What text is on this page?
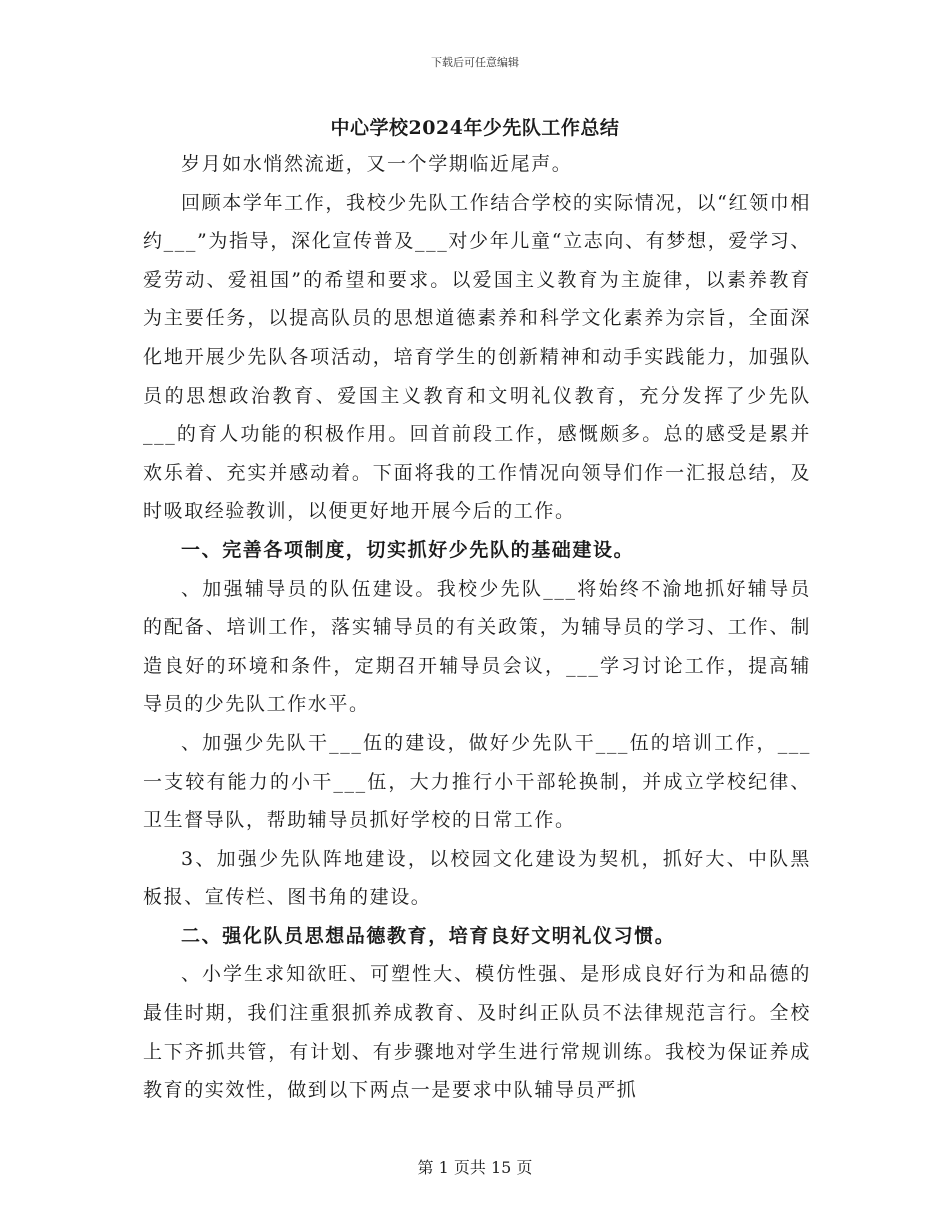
下载后可任意编辑
中心学校2024年少先队工作总结

岁月如水悄然流逝，又一个学期临近尾声。

回顾本学年工作，我校少先队工作结合学校的实际情况，以“红领巾相约___”为指导，深化宣传普及___对少年儿童“立志向、有梦想，爱学习、爱劳动、爱祖国”的希望和要求。以爱国主义教育为主旋律，以素养教育为主要任务，以提高队员的思想道德素养和科学文化素养为宗旨，全面深化地开展少先队各项活动，培育学生的创新精神和动手实践能力，加强队员的思想政治教育、爱国主义教育和文明礼仪教育，充分发挥了少先队___的育人功能的积极作用。回首前段工作，感慨颇多。总的感受是累并欢乐着、充实并感动着。下面将我的工作情况向领导们作一汇报总结，及时吸取经验教训，以便更好地开展今后的工作。

一、完善各项制度，切实抓好少先队的基础建设。

、加强辅导员的队伍建设。我校少先队___将始终不渝地抓好辅导员的配备、培训工作，落实辅导员的有关政策，为辅导员的学习、工作、制造良好的环境和条件，定期召开辅导员会议，___学习讨论工作，提高辅导员的少先队工作水平。

、加强少先队干___伍的建设，做好少先队干___伍的培训工作，___一支较有能力的小干___伍，大力推行小干部轮换制，并成立学校纪律、卫生督导队，帮助辅导员抓好学校的日常工作。

3、加强少先队阵地建设，以校园文化建设为契机，抓好大、中队黑板报、宣传栏、图书角的建设。

二、强化队员思想品德教育，培育良好文明礼仪习惯。

、小学生求知欲旺、可塑性大、模仿性强、是形成良好行为和品德的最佳时期，我们注重狠抓养成教育、及时纠正队员不法律规范言行。全校上下齐抓共管，有计划、有步骤地对学生进行常规训练。我校为保证养成教育的实效性，做到以下两点一是要求中队辅导员严抓

第 1 页共 15 页
